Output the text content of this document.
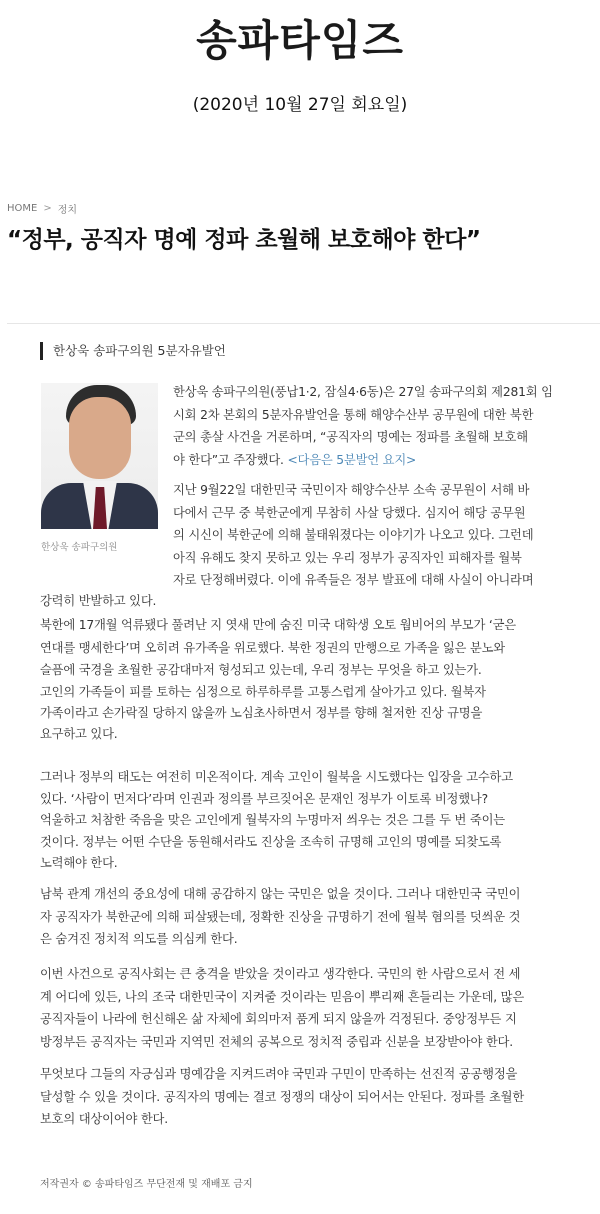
송파타임즈
(2020년 10월 27일 회요일)
HOME > 정치
“정부, 공직자 명예 정파 초월해 보호해야 한다”
한상욱 송파구의원 5분자유발언
한상욱 송파구의원
한상욱 송파구의원(풍납1·2, 잠실4·6동)은 27일 송파구의회 제281회 임
시회 2차 본회의 5분자유발언을 통해 해양수산부 공무원에 대한 북한
군의 총살 사건을 거론하며, “공직자의 명예는 정파를 초월해 보호해
야 한다”고 주장했다. <다음은 5분발언 요지>
지난 9월22일 대한민국 국민이자 해양수산부 소속 공무원이 서해 바
다에서 근무 중 북한군에게 무참히 사살 당했다. 심지어 해당 공무원
의 시신이 북한군에 의해 불태워졌다는 이야기가 나오고 있다. 그런데
아직 유해도 찾지 못하고 있는 우리 정부가 공직자인 피해자를 월북
자로 단정해버렸다. 이에 유족들은 정부 발표에 대해 사실이 아니라며
강력히 반발하고 있다.
북한에 17개월 억류됐다 풀려난 지 엿새 만에 숨진 미국 대학생 오토 웜비어의 부모가 ‘굳은
연대를 맹세한다’며 오히려 유가족을 위로했다. 북한 정권의 만행으로 가족을 잃은 분노와
슬픔에 국경을 초월한 공감대마저 형성되고 있는데, 우리 정부는 무엇을 하고 있는가.
고인의 가족들이 피를 토하는 심정으로 하루하루를 고통스럽게 살아가고 있다. 월북자
가족이라고 손가락질 당하지 않을까 노심초사하면서 정부를 향해 철저한 진상 규명을
요구하고 있다.
그러나 정부의 태도는 여전히 미온적이다. 계속 고인이 월북을 시도했다는 입장을 고수하고
있다. ‘사람이 먼저다’라며 인권과 정의를 부르짖어온 문재인 정부가 이토록 비정했나?
억울하고 처참한 죽음을 맞은 고인에게 월북자의 누명마저 씌우는 것은 그를 두 번 죽이는
것이다. 정부는 어떤 수단을 동원해서라도 진상을 조속히 규명해 고인의 명예를 되찾도록
노력해야 한다.
남북 관계 개선의 중요성에 대해 공감하지 않는 국민은 없을 것이다. 그러나 대한민국 국민이
자 공직자가 북한군에 의해 피살됐는데, 정확한 진상을 규명하기 전에 월북 혐의를 덧씌운 것
은 숨겨진 정치적 의도를 의심케 한다.
이번 사건으로 공직사회는 큰 충격을 받았을 것이라고 생각한다. 국민의 한 사람으로서 전 세
계 어디에 있든, 나의 조국 대한민국이 지켜줄 것이라는 믿음이 뿌리째 흔들리는 가운데, 많은
공직자들이 나라에 헌신해온 삶 자체에 회의마저 품게 되지 않을까 걱정된다. 중앙정부든 지
방정부든 공직자는 국민과 지역민 전체의 공복으로 정치적 중립과 신분을 보장받아야 한다.
무엇보다 그들의 자긍심과 명예감을 지켜드려야 국민과 구민이 만족하는 선진적 공공행정을
달성할 수 있을 것이다. 공직자의 명예는 결코 정쟁의 대상이 되어서는 안된다. 정파를 초월한
보호의 대상이어야 한다.
저작권자 © 송파타임즈 무단전재 및 재배포 금지
